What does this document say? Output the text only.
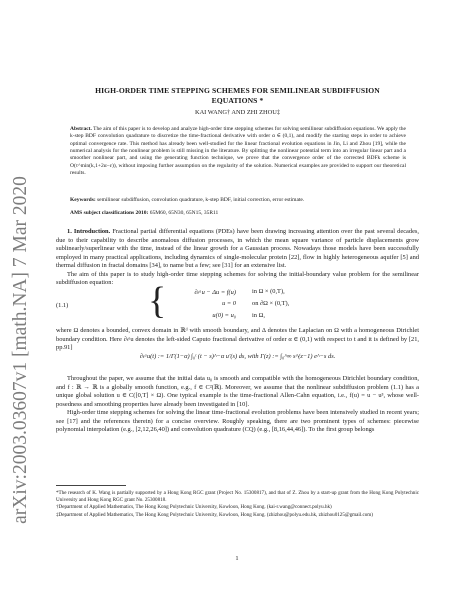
arXiv:2003.03607v1 [math.NA] 7 Mar 2020
HIGH-ORDER TIME STEPPING SCHEMES FOR SEMILINEAR SUBDIFFUSION
EQUATIONS *
KAI WANG† AND ZHI ZHOU‡
Abstract. The aim of this paper is to develop and analyze high-order time stepping schemes for solving semilinear subdiffusion equations. We apply the k-step BDF convolution quadrature to discretize the time-fractional derivative with order α ∈ (0,1), and modify the starting steps in order to achieve optimal convergence rate. This method has already been well-studied for the linear fractional evolution equations in Jin, Li and Zhou [19], while the numerical analysis for the nonlinear problem is still missing in the literature. By splitting the nonlinear potential term into an irregular linear part and a smoother nonlinear part, and using the generating function technique, we prove that the convergence order of the corrected BDFk scheme is O(τ^min(k,1+2α−ε)), without imposing further assumption on the regularity of the solution. Numerical examples are provided to support our theoretical results.
Keywords: semilinear subdiffusion, convolution quadrature, k-step BDF, initial correction, error estimate.
AMS subject classifications 2010: 65M60, 65N30, 65N15, 35R11

1. Introduction. Fractional partial differential equations (PDEs) have been drawing increasing attention over the past several decades, due to their capability to describe anomalous diffusion processes, in which the mean square variance of particle displacements grow sublinearly/superlinear with the time, instead of the linear growth for a Gaussian process. Nowadays those models have been successfully employed in many practical applications, including dynamics of single-molecular protein [22], flow in highly heterogeneous aquifer [5] and thermal diffusion in fractal domains [34], to name but a few; see [31] for an extensive list.

The aim of this paper is to study high-order time stepping schemes for solving the initial-boundary value problem for the semilinear subdiffusion equation:

(1.1) {	∂ₜᵅu − Δu = f(u)	in Ω × (0,T),
u = 0	on ∂Ω × (0,T),
u(0) = u₀	in Ω,

where Ω denotes a bounded, convex domain in ℝᵈ with smooth boundary, and Δ denotes the Laplacian on Ω with a homogeneous Dirichlet boundary condition. Here ∂ₜᵅu denotes the left-sided Caputo fractional derivative of order α ∈ (0,1) with respect to t and it is defined by [21, pp.91]

∂ₜᵅu(t) := 1/Γ(1−α) ∫₀ᵗ (t − s)^−α u′(s) ds, with Γ(z) := ∫₀^∞ s^(z−1) e^−s ds.

Throughout the paper, we assume that the initial data u₀ is smooth and compatible with the homogeneous Dirichlet boundary condition, and f : ℝ → ℝ is a globally smooth function, e.g., f ∈ C²(ℝ). Moreover, we assume that the nonlinear subdiffusion problem (1.1) has a unique global solution u ∈ C([0,T] × Ω). One typical example is the time-fractional Allen-Cahn equation, i.e., f(u) = u − u³, whose well-posedness and smoothing properties have already been investigated in [10].

High-order time stepping schemes for solving the linear time-fractional evolution problems have been intensively studied in recent years; see [17] and the references therein) for a concise overview. Roughly speaking, there are two prominent types of schemes: piecewise polynomial interpolation (e.g., [2,12,26,40]) and convolution quadrature (CQ) (e.g., [8,16,44,46]). To the first group belongs

*The research of K. Wang is partially supported by a Hong Kong RGC grant (Project No. 15300817), and that of Z. Zhou by a start-up grant from the Hong Kong Polytechnic University and Hong Kong RGC grant No. 25300818.

†Department of Applied Mathematics, The Hong Kong Polytechnic University, Kowloon, Hong Kong. (kai-r.wang@connect.polyu.hk)

‡Department of Applied Mathematics, The Hong Kong Polytechnic University, Kowloon, Hong Kong. (zhizhou@polyu.edu.hk, zhizhou0125@gmail.com)

1
